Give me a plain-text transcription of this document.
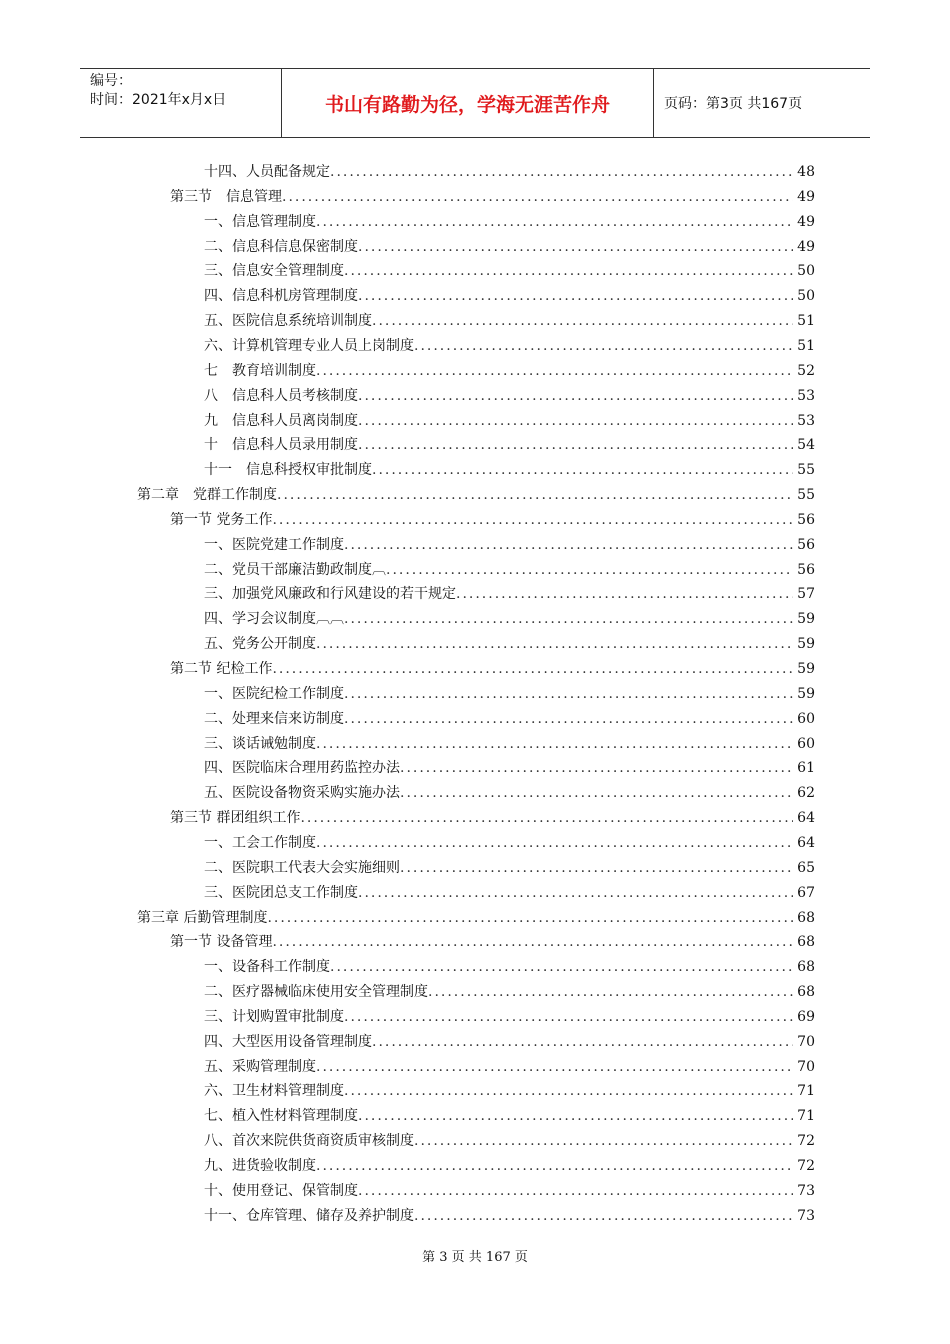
编号：
时间：2021年x月x日	书山有路勤为径，学海无涯苦作舟	页码：第3页 共167页
十四、人员配备规定 .....	48
第三节　信息管理 .....	49
一、信息管理制度 .....	49
二、信息科信息保密制度 .....	49
三、信息安全管理制度 .....	50
四、信息科机房管理制度 .....	50
五、医院信息系统培训制度 .....	51
六、计算机管理专业人员上岗制度 .....	51
七　教育培训制度 .....	52
八　信息科人员考核制度 .....	53
九　信息科人员离岗制度 .....	53
十　信息科人员录用制度 .....	54
十一　信息科授权审批制度 .....	55
第二章　党群工作制度 .....	55
第一节 党务工作 .....	56
一、医院党建工作制度 .....	56
二、党员干部廉洁勤政制度︹ .....	56
三、加强党风廉政和行风建设的若干规定 .....	57
四、学习会议制度︹︹ .....	59
五、党务公开制度 .....	59
第二节 纪检工作 .....	59
一、医院纪检工作制度 .....	59
二、处理来信来访制度 .....	60
三、谈话诫勉制度 .....	60
四、医院临床合理用药监控办法 .....	61
五、医院设备物资采购实施办法 .....	62
第三节 群团组织工作 .....	64
一、工会工作制度 .....	64
二、医院职工代表大会实施细则 .....	65
三、医院团总支工作制度 .....	67
第三章 后勤管理制度 .....	68
第一节 设备管理 .....	68
一、设备科工作制度 .....	68
二、医疗器械临床使用安全管理制度 .....	68
三、计划购置审批制度 .....	69
四、大型医用设备管理制度 .....	70
五、采购管理制度 .....	70
六、卫生材料管理制度 .....	71
七、植入性材料管理制度 .....	71
八、首次来院供货商资质审核制度 .....	72
九、进货验收制度 .....	72
十、使用登记、保管制度 .....	73
十一、仓库管理、储存及养护制度 .....	73
第 3 页 共 167 页
